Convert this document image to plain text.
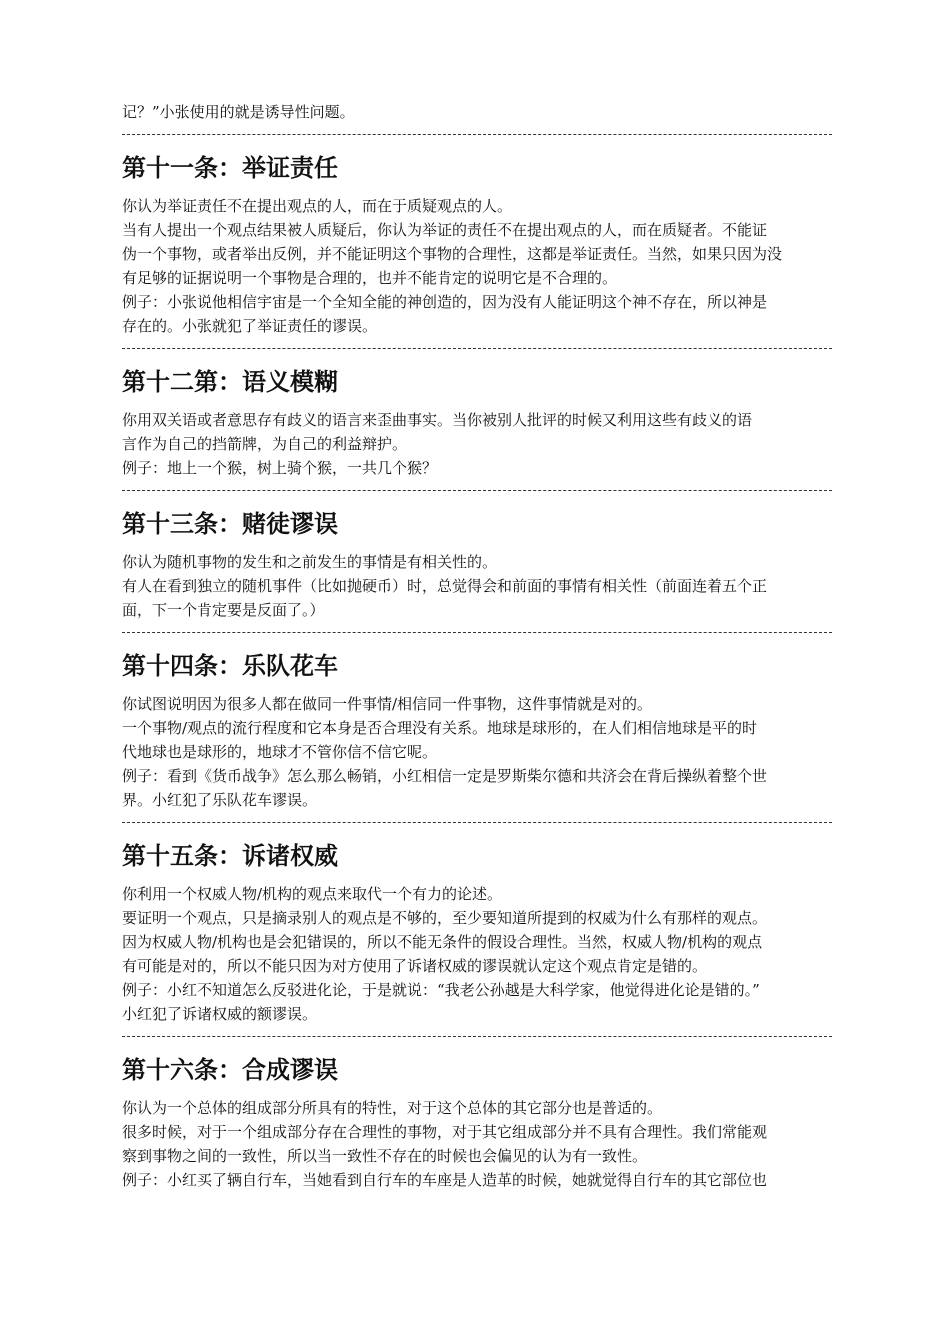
记？”小张使用的就是诱导性问题。

第十一条：举证责任

你认为举证责任不在提出观点的人，而在于质疑观点的人。

当有人提出一个观点结果被人质疑后，你认为举证的责任不在提出观点的人，而在质疑者。不能证

伪一个事物，或者举出反例，并不能证明这个事物的合理性，这都是举证责任。当然，如果只因为没

有足够的证据说明一个事物是合理的，也并不能肯定的说明它是不合理的。

例子：小张说他相信宇宙是一个全知全能的神创造的，因为没有人能证明这个神不存在，所以神是

存在的。小张就犯了举证责任的谬误。

第十二第：语义模糊

你用双关语或者意思存有歧义的语言来歪曲事实。当你被别人批评的时候又利用这些有歧义的语

言作为自己的挡箭牌，为自己的利益辩护。

例子：地上一个猴，树上骑个猴，一共几个猴？

第十三条：赌徒谬误

你认为随机事物的发生和之前发生的事情是有相关性的。

有人在看到独立的随机事件（比如抛硬币）时，总觉得会和前面的事情有相关性（前面连着五个正

面，下一个肯定要是反面了。）

第十四条：乐队花车

你试图说明因为很多人都在做同一件事情/相信同一件事物，这件事情就是对的。

一个事物/观点的流行程度和它本身是否合理没有关系。地球是球形的，在人们相信地球是平的时

代地球也是球形的，地球才不管你信不信它呢。

例子：看到《货币战争》怎么那么畅销，小红相信一定是罗斯柴尔德和共济会在背后操纵着整个世

界。小红犯了乐队花车谬误。

第十五条：诉诸权威

你利用一个权威人物/机构的观点来取代一个有力的论述。

要证明一个观点，只是摘录别人的观点是不够的，至少要知道所提到的权威为什么有那样的观点。

因为权威人物/机构也是会犯错误的，所以不能无条件的假设合理性。当然，权威人物/机构的观点

有可能是对的，所以不能只因为对方使用了诉诸权威的谬误就认定这个观点肯定是错的。

例子：小红不知道怎么反驳进化论，于是就说：“我老公孙越是大科学家，他觉得进化论是错的。”

小红犯了诉诸权威的额谬误。

第十六条：合成谬误

你认为一个总体的组成部分所具有的特性，对于这个总体的其它部分也是普适的。

很多时候，对于一个组成部分存在合理性的事物，对于其它组成部分并不具有合理性。我们常能观

察到事物之间的一致性，所以当一致性不存在的时候也会偏见的认为有一致性。

例子：小红买了辆自行车，当她看到自行车的车座是人造革的时候，她就觉得自行车的其它部位也
